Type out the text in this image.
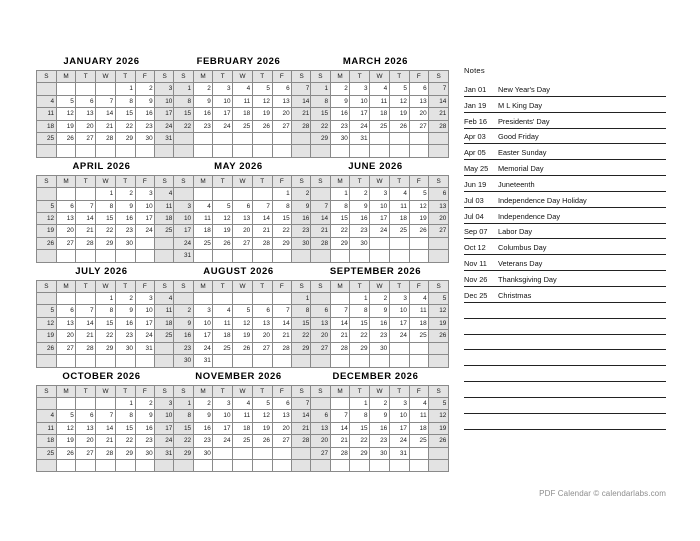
JANUARY 2026
S	M	T	W	T	F	S
				1	2	3
4	5	6	7	8	9	10
11	12	13	14	15	16	17
18	19	20	21	22	23	24
25	26	27	28	29	30	31

FEBRUARY 2026
S	M	T	W	T	F	S
1	2	3	4	5	6	7
8	9	10	11	12	13	14
15	16	17	18	19	20	21
22	23	24	25	26	27	28

MARCH 2026
S	M	T	W	T	F	S
1	2	3	4	5	6	7
8	9	10	11	12	13	14
15	16	17	18	19	20	21
22	23	24	25	26	27	28
29	30	31				

APRIL 2026
S	M	T	W	T	F	S
			1	2	3	4
5	6	7	8	9	10	11
12	13	14	15	16	17	18
19	20	21	22	23	24	25
26	27	28	29	30		

MAY 2026
S	M	T	W	T	F	S
					1	2
3	4	5	6	7	8	9
10	11	12	13	14	15	16
17	18	19	20	21	22	23
24	25	26	27	28	29	30
31						
JUNE 2026
S	M	T	W	T	F	S
	1	2	3	4	5	6
7	8	9	10	11	12	13
14	15	16	17	18	19	20
21	22	23	24	25	26	27
28	29	30				

JULY 2026
S	M	T	W	T	F	S
			1	2	3	4
5	6	7	8	9	10	11
12	13	14	15	16	17	18
19	20	21	22	23	24	25
26	27	28	29	30	31	

AUGUST 2026
S	M	T	W	T	F	S
						1
2	3	4	5	6	7	8
9	10	11	12	13	14	15
16	17	18	19	20	21	22
23	24	25	26	27	28	29
30	31					
SEPTEMBER 2026
S	M	T	W	T	F	S
		1	2	3	4	5
6	7	8	9	10	11	12
13	14	15	16	17	18	19
20	21	22	23	24	25	26
27	28	29	30			

OCTOBER 2026
S	M	T	W	T	F	S
				1	2	3
4	5	6	7	8	9	10
11	12	13	14	15	16	17
18	19	20	21	22	23	24
25	26	27	28	29	30	31

NOVEMBER 2026
S	M	T	W	T	F	S
1	2	3	4	5	6	7
8	9	10	11	12	13	14
15	16	17	18	19	20	21
22	23	24	25	26	27	28
29	30					

DECEMBER 2026
S	M	T	W	T	F	S
		1	2	3	4	5
6	7	8	9	10	11	12
13	14	15	16	17	18	19
20	21	22	23	24	25	26
27	28	29	30	31		

Notes
Jan 01	New Year's Day
Jan 19	M L King Day
Feb 16	Presidents' Day
Apr 03	Good Friday
Apr 05	Easter Sunday
May 25	Memorial Day
Jun 19	Juneteenth
Jul 03	Independence Day Holiday
Jul 04	Independence Day
Sep 07	Labor Day
Oct 12	Columbus Day
Nov 11	Veterans Day
Nov 26	Thanksgiving Day
Dec 25	Christmas
PDF Calendar © calendarlabs.com
